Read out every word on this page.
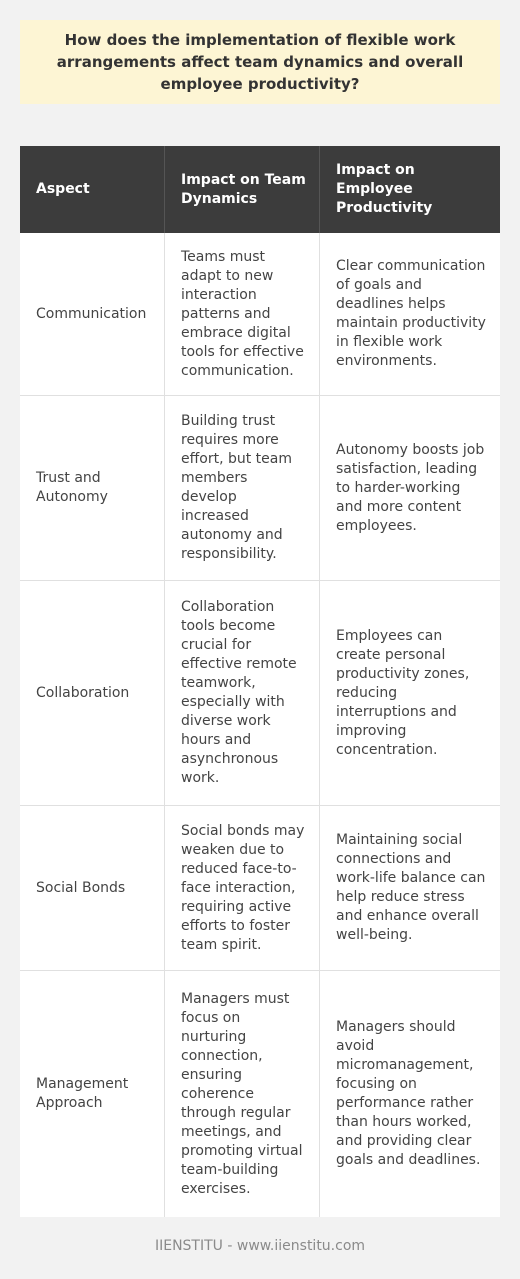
How does the implementation of flexible work arrangements affect team dynamics and overall employee productivity?
Aspect
Impact on Team Dynamics
Impact on Employee Productivity
Communication
Teams must adapt to new interaction patterns and embrace digital tools for effective communication.
Clear communication of goals and deadlines helps maintain productivity in flexible work environments.
Trust and Autonomy
Building trust requires more effort, but team members develop increased autonomy and responsibility.
Autonomy boosts job satisfaction, leading to harder-working and more content employees.
Collaboration
Collaboration tools become crucial for effective remote teamwork, especially with diverse work hours and asynchronous work.
Employees can create personal productivity zones, reducing interruptions and improving concentration.
Social Bonds
Social bonds may weaken due to reduced face-to-face interaction, requiring active efforts to foster team spirit.
Maintaining social connections and work-life balance can help reduce stress and enhance overall well-being.
Management Approach
Managers must focus on nurturing connection, ensuring coherence through regular meetings, and promoting virtual team-building exercises.
Managers should avoid micromanagement, focusing on performance rather than hours worked, and providing clear goals and deadlines.
IIENSTITU - www.iienstitu.com
